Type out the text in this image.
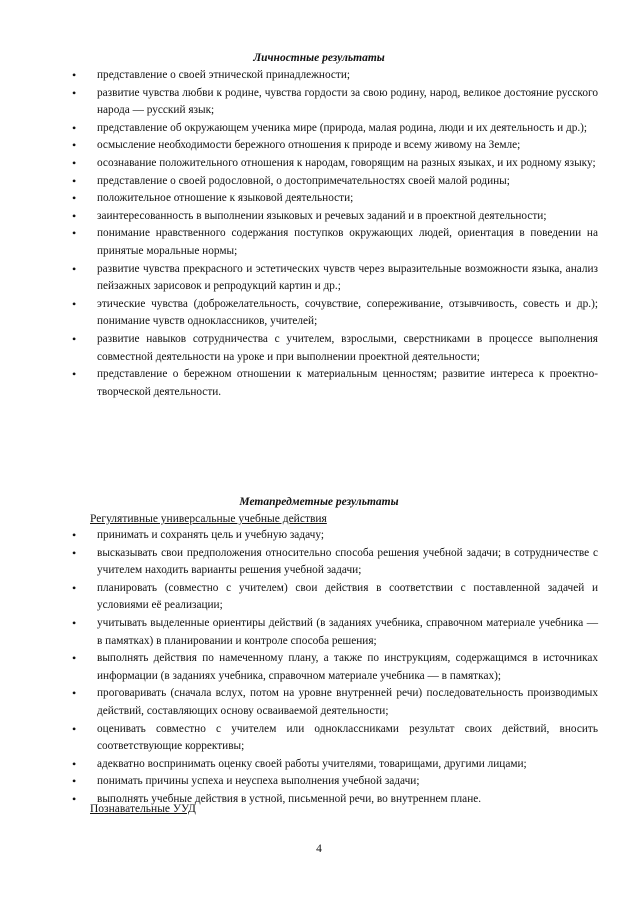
Личностные результаты
• представление о своей этнической принадлежности;
• развитие чувства любви к родине, чувства гордости за свою родину, народ, великое достояние русского народа — русский язык;
• представление об окружающем ученика мире (природа, малая родина, люди и их деятельность и др.);
• осмысление необходимости бережного отношения к природе и всему живому на Земле;
• осознавание положительного отношения к народам, говорящим на разных языках, и их родному языку;
• представление о своей родословной, о достопримечательностях своей малой родины;
• положительное отношение к языковой деятельности;
• заинтересованность в выполнении языковых и речевых заданий и в проектной деятельности;
• понимание нравственного содержания поступков окружающих людей, ориентация в поведении на принятые моральные нормы;
• развитие чувства прекрасного и эстетических чувств через выразительные возможности языка, анализ пейзажных зарисовок и репродукций картин и др.;
• этические чувства (доброжелательность, сочувствие, сопереживание, отзывчивость, совесть и др.); понимание чувств одноклассников, учителей;
• развитие навыков сотрудничества с учителем, взрослыми, сверстниками в процессе выполнения совместной деятельности на уроке и при выполнении проектной деятельности;
• представление о бережном отношении к материальным ценностям; развитие интереса к проектно-творческой деятельности.
Метапредметные результаты
Регулятивные универсальные учебные действия
• принимать и сохранять цель и учебную задачу;
• высказывать свои предположения относительно способа решения учебной задачи; в сотрудничестве с учителем находить варианты решения учебной задачи;
• планировать (совместно с учителем) свои действия в соответствии с поставленной задачей и условиями её реализации;
• учитывать выделенные ориентиры действий (в заданиях учебника, справочном материале учебника — в памятках) в планировании и контроле способа решения;
• выполнять действия по намеченному плану, а также по инструкциям, содержащимся в источниках информации (в заданиях учебника, справочном материале учебника — в памятках);
• проговаривать (сначала вслух, потом на уровне внутренней речи) последовательность производимых действий, составляющих основу осваиваемой деятельности;
• оценивать совместно с учителем или одноклассниками результат своих действий, вносить соответствующие коррективы;
• адекватно воспринимать оценку своей работы учителями, товарищами, другими лицами;
• понимать причины успеха и неуспеха выполнения учебной задачи;
• выполнять учебные действия в устной, письменной речи, во внутреннем плане.
Познавательные УУД
4
